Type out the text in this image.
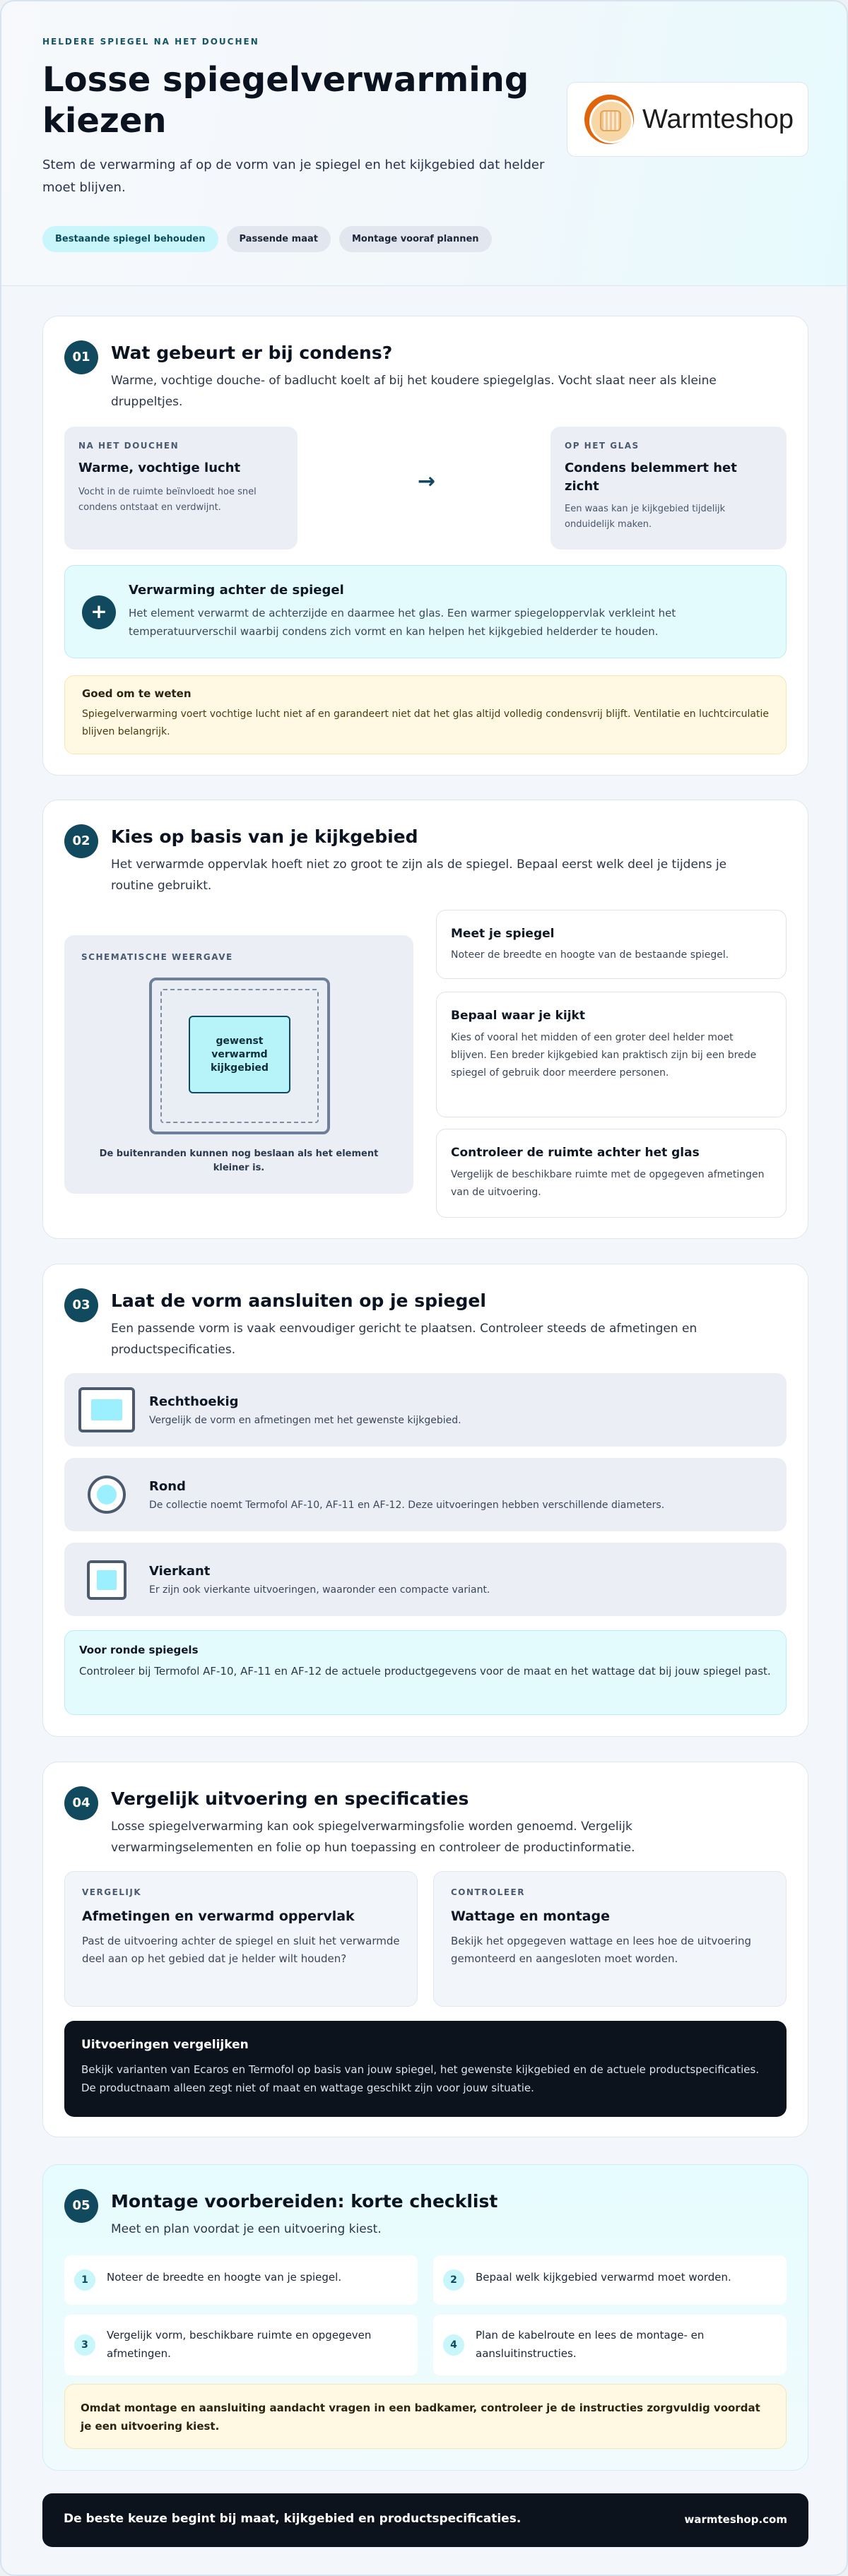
HELDERE SPIEGEL NA HET DOUCHEN
Losse spiegelverwarming kiezen

Stem de verwarming af op de vorm van je spiegel en het kijkgebied dat helder moet blijven.

Bestaande spiegel behouden	Passende maat	Montage vooraf plannen
Warmteshop
01	Wat gebeurt er bij condens?

Warme, vochtige douche- of badlucht koelt af bij het koudere spiegelglas. Vocht slaat neer als kleine druppeltjes.

NA HET DOUCHEN
Warme, vochtige lucht
Vocht in de ruimte beïnvloedt hoe snel condens ontstaat en verdwijnt.
→
OP HET GLAS
Condens belemmert het zicht
Een waas kan je kijkgebied tijdelijk onduidelijk maken.
+
Verwarming achter de spiegel
Het element verwarmt de achterzijde en daarmee het glas. Een warmer spiegeloppervlak verkleint het temperatuurverschil waarbij condens zich vormt en kan helpen het kijkgebied helderder te houden.
Goed om te weten
Spiegelverwarming voert vochtige lucht niet af en garandeert niet dat het glas altijd volledig condensvrij blijft. Ventilatie en luchtcirculatie blijven belangrijk.
02	Kies op basis van je kijkgebied

Het verwarmde oppervlak hoeft niet zo groot te zijn als de spiegel. Bepaal eerst welk deel je tijdens je routine gebruikt.

SCHEMATISCHE WEERGAVE
gewenst verwarmd kijkgebied
De buitenranden kunnen nog beslaan als het element kleiner is.
Meet je spiegel
Noteer de breedte en hoogte van de bestaande spiegel.
Bepaal waar je kijkt
Kies of vooral het midden of een groter deel helder moet blijven. Een breder kijkgebied kan praktisch zijn bij een brede spiegel of gebruik door meerdere personen.
Controleer de ruimte achter het glas
Vergelijk de beschikbare ruimte met de opgegeven afmetingen van de uitvoering.
03	Laat de vorm aansluiten op je spiegel

Een passende vorm is vaak eenvoudiger gericht te plaatsen. Controleer steeds de afmetingen en productspecificaties.

Rechthoekig
Vergelijk de vorm en afmetingen met het gewenste kijkgebied.
Rond
De collectie noemt Termofol AF-10, AF-11 en AF-12. Deze uitvoeringen hebben verschillende diameters.
Vierkant
Er zijn ook vierkante uitvoeringen, waaronder een compacte variant.
Voor ronde spiegels
Controleer bij Termofol AF-10, AF-11 en AF-12 de actuele productgegevens voor de maat en het wattage dat bij jouw spiegel past.
04	Vergelijk uitvoering en specificaties

Losse spiegelverwarming kan ook spiegelverwarmingsfolie worden genoemd. Vergelijk verwarmingselementen en folie op hun toepassing en controleer de productinformatie.

VERGELIJK
Afmetingen en verwarmd oppervlak
Past de uitvoering achter de spiegel en sluit het verwarmde deel aan op het gebied dat je helder wilt houden?
CONTROLEER
Wattage en montage
Bekijk het opgegeven wattage en lees hoe de uitvoering gemonteerd en aangesloten moet worden.
Uitvoeringen vergelijken
Bekijk varianten van Ecaros en Termofol op basis van jouw spiegel, het gewenste kijkgebied en de actuele productspecificaties. De productnaam alleen zegt niet of maat en wattage geschikt zijn voor jouw situatie.
05	Montage voorbereiden: korte checklist

Meet en plan voordat je een uitvoering kiest.

1	Noteer de breedte en hoogte van je spiegel.	2	Bepaal welk kijkgebied verwarmd moet worden.
3
Vergelijk vorm, beschikbare ruimte en opgegeven afmetingen.
4
Plan de kabelroute en lees de montage- en aansluitinstructies.
Omdat montage en aansluiting aandacht vragen in een badkamer, controleer je de instructies zorgvuldig voordat je een uitvoering kiest.
De beste keuze begint bij maat, kijkgebied en productspecificaties.	warmteshop.com
